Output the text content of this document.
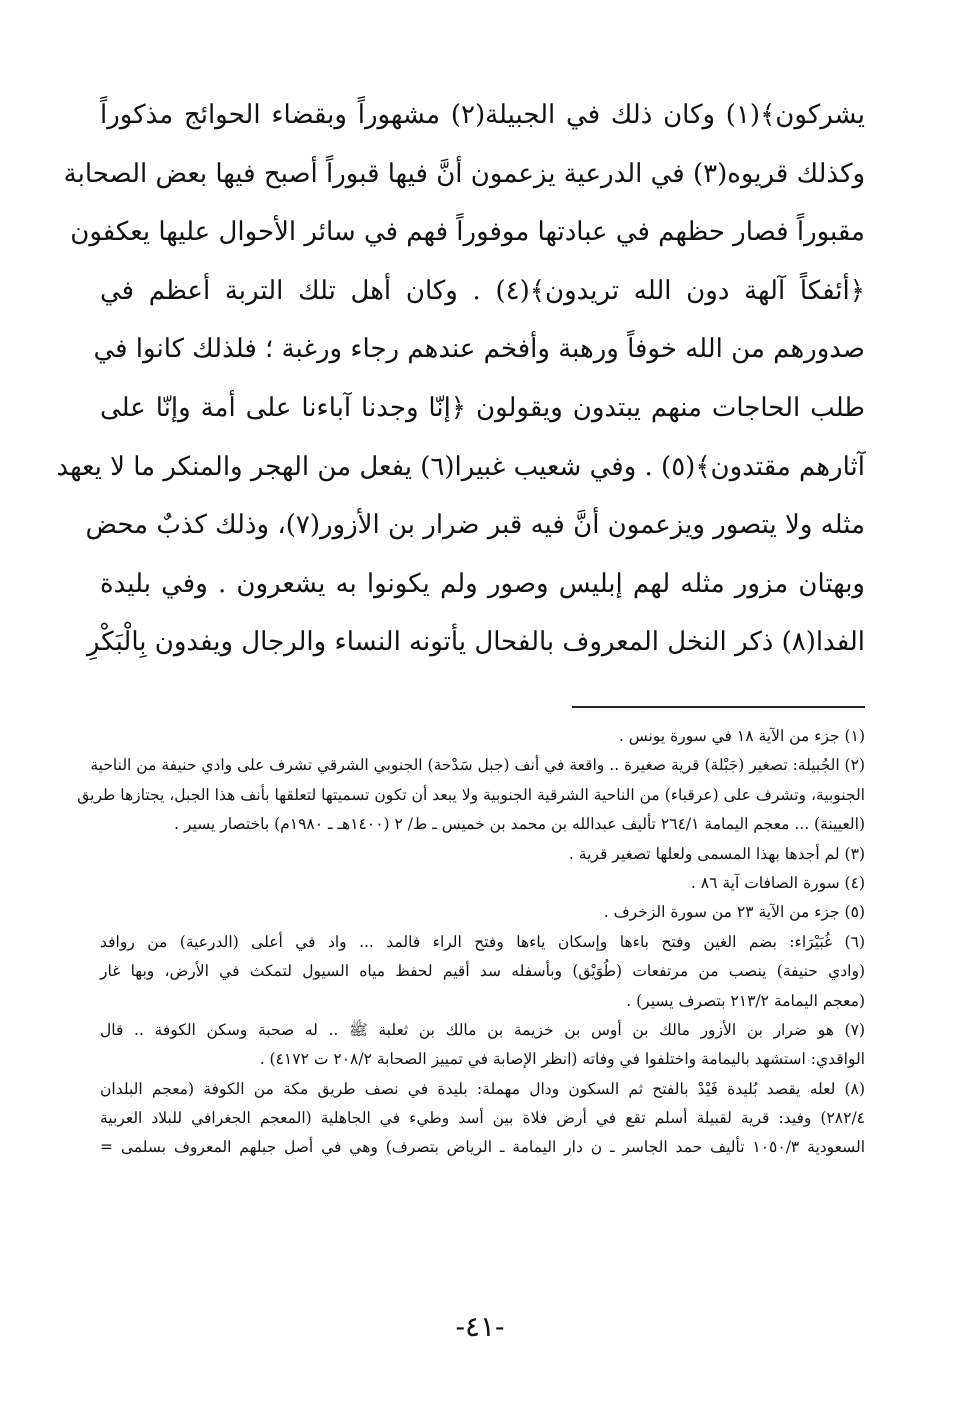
يشركون﴾(١) وكان ذلك في الجبيلة(٢) مشهوراً وبقضاء الحوائج مذكوراً
وكذلك قريوه(٣) في الدرعية يزعمون أنَّ فيها قبوراً أصبح فيها بعض الصحابة
مقبوراً فصار حظهم في عبادتها موفوراً فهم في سائر الأحوال عليها يعكفون
﴿أئفكاً آلهة دون الله تريدون﴾(٤) . وكان أهل تلك التربة أعظم في
صدورهم من الله خوفاً ورهبة وأفخم عندهم رجاء ورغبة ؛ فلذلك كانوا في
طلب الحاجات منهم يبتدون ويقولون ﴿إنّا وجدنا آباءنا على أمة وإنّا على
آثارهم مقتدون﴾(٥) . وفي شعيب غبيرا(٦) يفعل من الهجر والمنكر ما لا يعهد
مثله ولا يتصور ويزعمون أنَّ فيه قبر ضرار بن الأزور(٧)، وذلك كذبٌ محض
وبهتان مزور مثله لهم إبليس وصور ولم يكونوا به يشعرون . وفي بليدة
الفدا(٨) ذكر النخل المعروف بالفحال يأتونه النساء والرجال ويفدون بِالْبَكْرِ
(١) جزء من الآية ١٨ في سورة يونس .
(٢) الجُبيلة: تصغير (جَبْلة) قرية صغيرة .. واقعة في أنف (جبل سَدْحة) الجنوبي الشرقي تشرف على وادي حنيفة من الناحية
الجنوبية، وتشرف على (عرقباء) من الناحية الشرقية الجنوبية ولا يبعد أن تكون تسميتها لتعلقها بأنف هذا الجبل، يجتازها طريق
(العيينة) ... معجم اليمامة ٢٦٤/١ تأليف عبدالله بن محمد بن خميس ـ ط/ ٢ (١٤٠٠هـ ـ ١٩٨٠م) باختصار يسير .
(٣) لم أجدها بهذا المسمى ولعلها تصغير قرية .
(٤) سورة الصافات آية ٨٦ .
(٥) جزء من الآية ٢٣ من سورة الزخرف .
(٦) غُبَيْرَاء: بضم الغين وفتح باءها وإسكان ياءها وفتح الراء فالمد ... واد في أعلى (الدرعية) من روافد
(وادي حنيفة) ينصب من مرتفعات (طُوَيْق) وبأسفله سد أقيم لحفظ مياه السيول لتمكث في الأرض، وبها غار
(معجم اليمامة ٢١٣/٢ بتصرف يسير) .
(٧) هو ضرار بن الأزور مالك بن أوس بن خزيمة بن مالك بن ثعلبة ﷺ .. له صحبة وسكن الكوفة .. قال
الواقدي: استشهد باليمامة واختلفوا في وفاته (انظر الإصابة في تمييز الصحابة ٢٠٨/٢ ت ٤١٧٢) .
(٨) لعله يقصد بُليدة فَيْدْ بالفتح ثم السكون ودال مهملة: بليدة في نصف طريق مكة من الكوفة (معجم البلدان
٢٨٢/٤) وفيد: قرية لقبيلة أسلم تقع في أرض فلاة بين أسد وطيء في الجاهلية (المعجم الجغرافي للبلاد العربية
السعودية ١٠٥٠/٣ تأليف حمد الجاسر ـ ن دار اليمامة ـ الرياض بتصرف) وهي في أصل جبلهم المعروف بسلمى =
-٤١-
